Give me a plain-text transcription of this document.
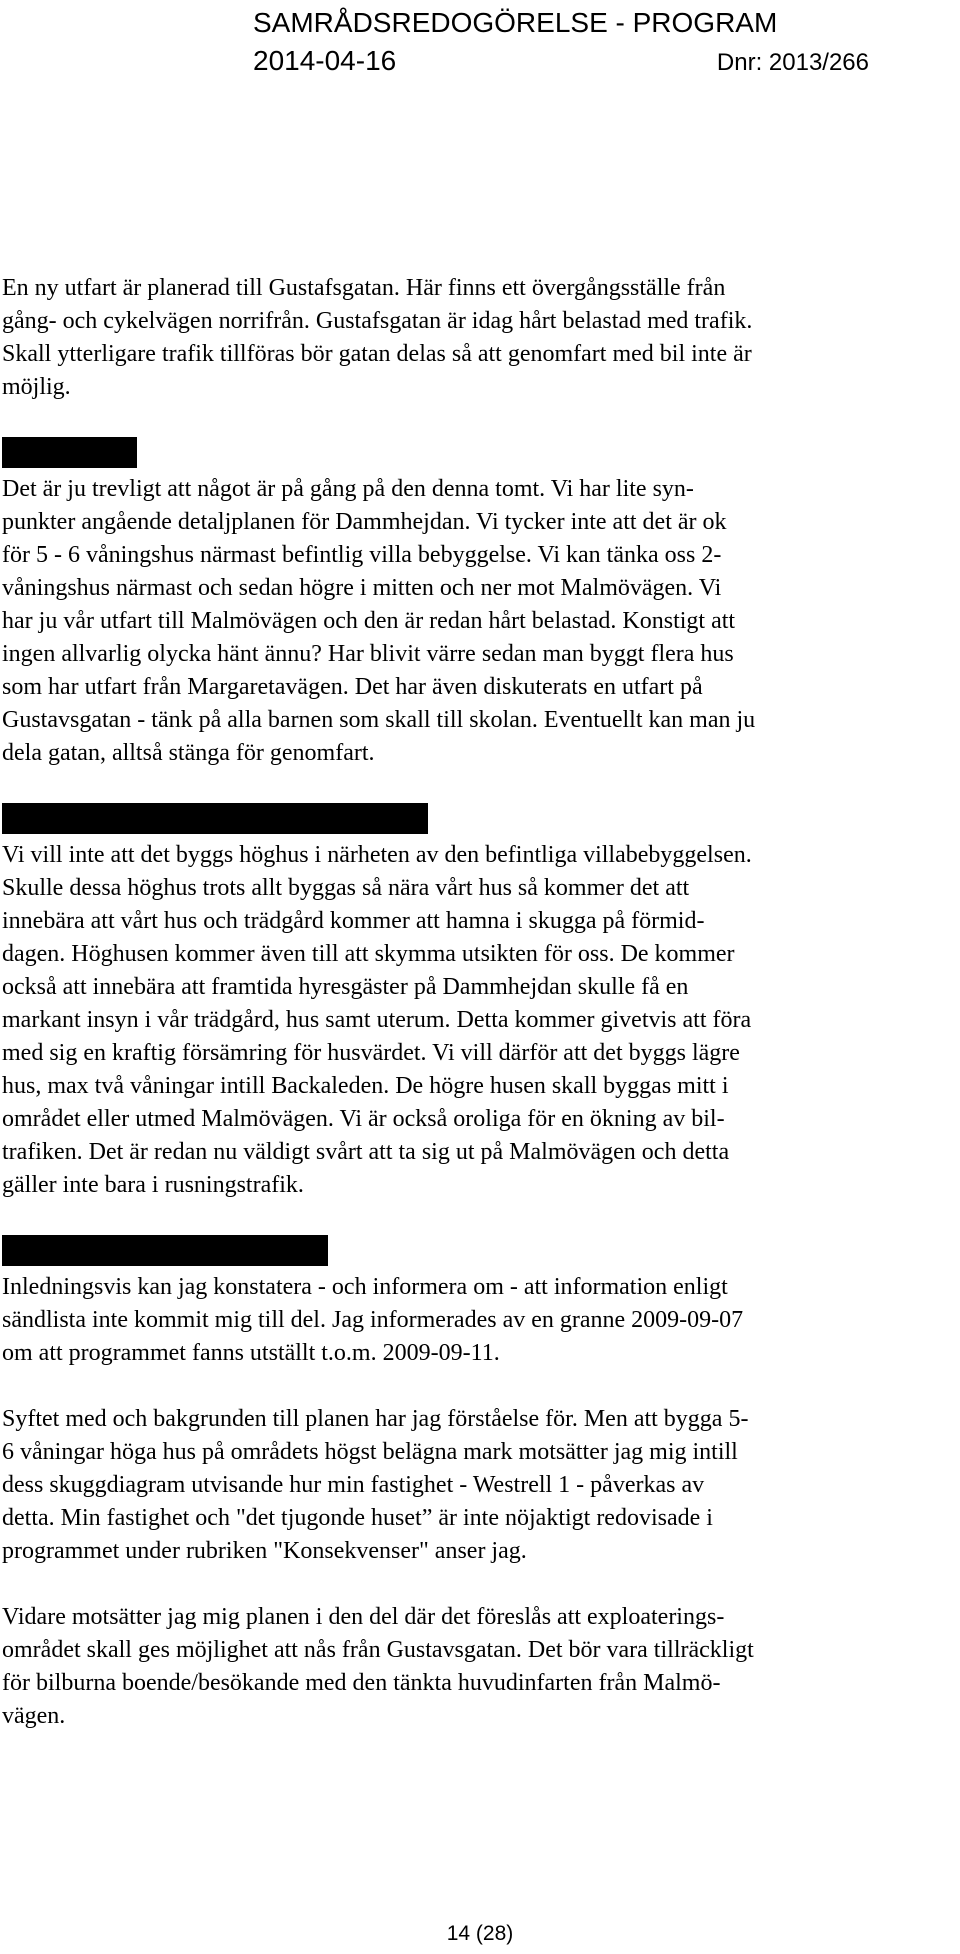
SAMRÅDSREDOGÖRELSE - PROGRAM
2014-04-16	Dnr: 2013/266

En ny utfart är planerad till Gustafsgatan. Här finns ett övergångsställe från
gång- och cykelvägen norrifrån. Gustafsgatan är idag hårt belastad med trafik.
Skall ytterligare trafik tillföras bör gatan delas så att genomfart med bil inte är
möjlig.

Det är ju trevligt att något är på gång på den denna tomt. Vi har lite syn-
punkter angående detaljplanen för Dammhejdan. Vi tycker inte att det är ok
för 5 - 6 våningshus närmast befintlig villa bebyggelse. Vi kan tänka oss 2-
våningshus närmast och sedan högre i mitten och ner mot Malmövägen. Vi
har ju vår utfart till Malmövägen och den är redan hårt belastad. Konstigt att
ingen allvarlig olycka hänt ännu? Har blivit värre sedan man byggt flera hus
som har utfart från Margaretavägen. Det har även diskuterats en utfart på
Gustavsgatan - tänk på alla barnen som skall till skolan. Eventuellt kan man ju
dela gatan, alltså stänga för genomfart.

Vi vill inte att det byggs höghus i närheten av den befintliga villabebyggelsen.
Skulle dessa höghus trots allt byggas så nära vårt hus så kommer det att
innebära att vårt hus och trädgård kommer att hamna i skugga på förmid-
dagen. Höghusen kommer även till att skymma utsikten för oss. De kommer
också att innebära att framtida hyresgäster på Dammhejdan skulle få en
markant insyn i vår trädgård, hus samt uterum. Detta kommer givetvis att föra
med sig en kraftig försämring för husvärdet. Vi vill därför att det byggs lägre
hus, max två våningar intill Backaleden. De högre husen skall byggas mitt i
området eller utmed Malmövägen. Vi är också oroliga för en ökning av bil-
trafiken. Det är redan nu väldigt svårt att ta sig ut på Malmövägen och detta
gäller inte bara i rusningstrafik.

Inledningsvis kan jag konstatera - och informera om - att information enligt
sändlista inte kommit mig till del. Jag informerades av en granne 2009-09-07
om att programmet fanns utställt t.o.m. 2009-09-11.

Syftet med och bakgrunden till planen har jag förståelse för. Men att bygga 5-
6 våningar höga hus på områdets högst belägna mark motsätter jag mig intill
dess skuggdiagram utvisande hur min fastighet - Westrell 1 - påverkas av
detta. Min fastighet och "det tjugonde huset” är inte nöjaktigt redovisade i
programmet under rubriken "Konsekvenser" anser jag.

Vidare motsätter jag mig planen i den del där det föreslås att exploaterings-
området skall ges möjlighet att nås från Gustavsgatan. Det bör vara tillräckligt
för bilburna boende/besökande med den tänkta huvudinfarten från Malmö-
vägen.

14 (28)
